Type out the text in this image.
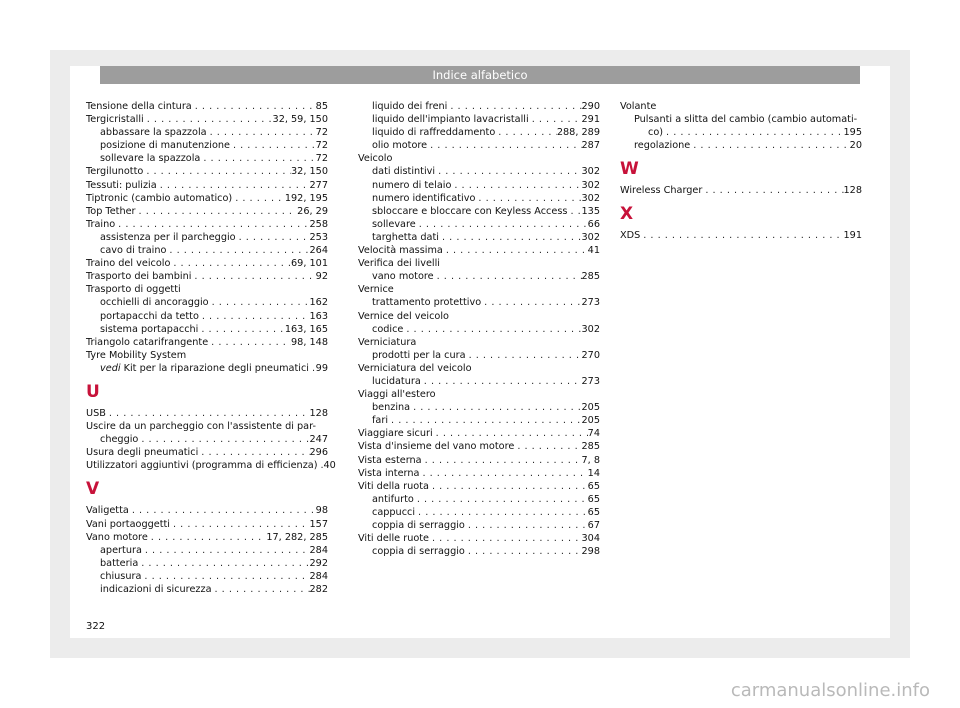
Indice alfabetico
Tensione della cintura . . .	85
Tergicristalli . . .	32, 59, 150
abbassare la spazzola . . .	72
posizione di manutenzione . . .	72
sollevare la spazzola . . .	72
Tergilunotto . . .	32, 150
Tessuti: pulizia . . .	277
Tiptronic (cambio automatico) . . .	192, 195
Top Tether . . .	26, 29
Traino . . .	258
assistenza per il parcheggio . . .	253
cavo di traino . . .	264
Traino del veicolo . . .	69, 101
Trasporto dei bambini . . .	92
Trasporto di oggetti
occhielli di ancoraggio . . .	162
portapacchi da tetto . . .	163
sistema portapacchi . . .	163, 165
Triangolo catarifrangente . . .	98, 148
Tyre Mobility System
vedi Kit per la riparazione degli pneumatici . . . 99
U
USB . . .	128
Uscire da un parcheggio con l'assistente di par-
cheggio . . .	247
Usura degli pneumatici . . .	296
Utilizzatori aggiuntivi (programma di efficienza) . . . 40
V
Valigetta . . .	98
Vani portaoggetti . . .	157
Vano motore . . .	17, 282, 285
apertura . . .	284
batteria . . .	292
chiusura . . .	284
indicazioni di sicurezza . . .	282
liquido dei freni . . .	290
liquido dell'impianto lavacristalli . . .	291
liquido di raffreddamento . . .	288, 289
olio motore . . .	287
Veicolo
dati distintivi . . .	302
numero di telaio . . .	302
numero identificativo . . .	302
sbloccare e bloccare con Keyless Access . . . 135
sollevare . . .	66
targhetta dati . . .	302
Velocità massima . . .	41
Verifica dei livelli
vano motore . . .	285
Vernice
trattamento protettivo . . .	273
Vernice del veicolo
codice . . .	302
Verniciatura
prodotti per la cura . . .	270
Verniciatura del veicolo
lucidatura . . .	273
Viaggi all'estero
benzina . . .	205
fari . . .	205
Viaggiare sicuri . . .	74
Vista d'insieme del vano motore . . .	285
Vista esterna . . .	7, 8
Vista interna . . .	14
Viti della ruota . . .	65
antifurto . . .	65
cappucci . . .	65
coppia di serraggio . . .	67
Viti delle ruote . . .	304
coppia di serraggio . . .	298
Volante
Pulsanti a slitta del cambio (cambio automati-
co) . . .	195
regolazione . . .	20
W
Wireless Charger . . .	128
X
XDS . . .	191
322
carmanualsonline.info
